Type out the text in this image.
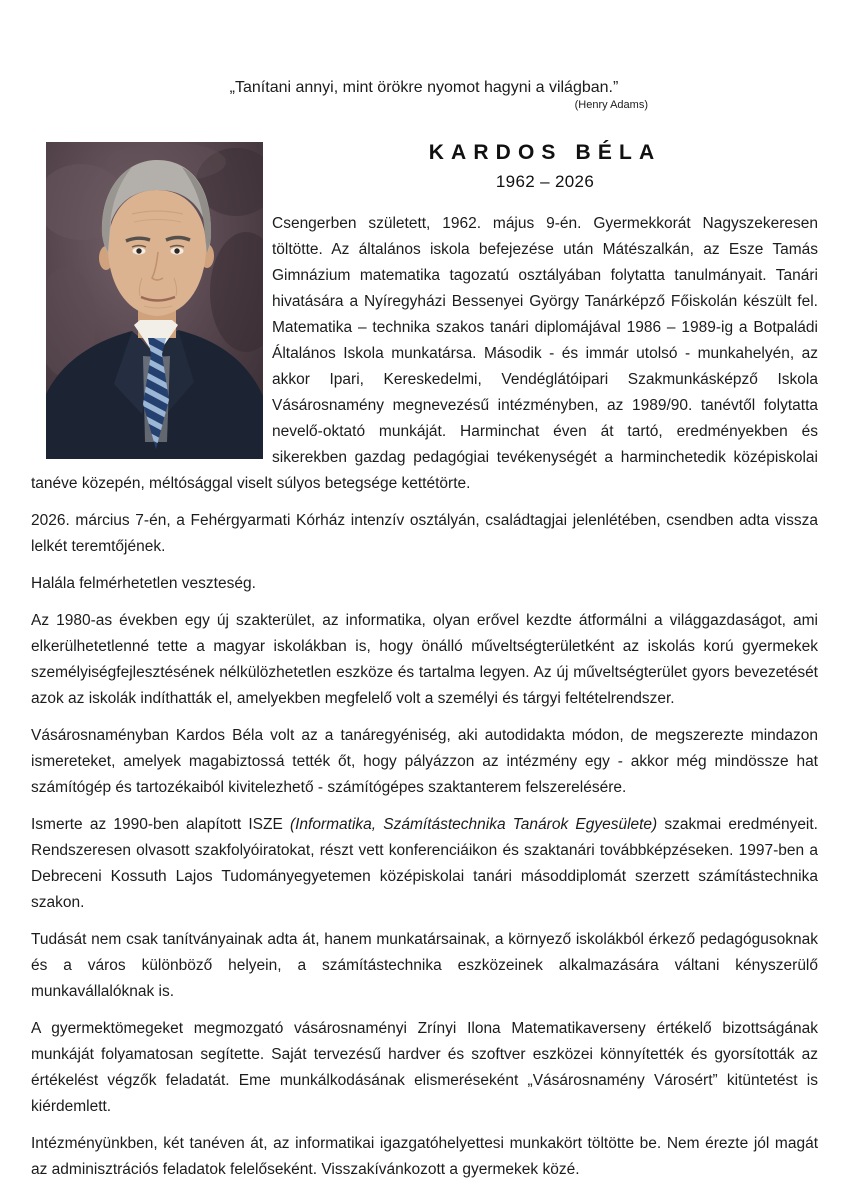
„Tanítani annyi, mint örökre nyomot hagyni a világban.”
(Henry Adams)
KARDOS BÉLA
1962 – 2026

Csengerben született, 1962. május 9-én. Gyermekkorát Nagyszekeresen töltötte. Az általános iskola befejezése után Mátészalkán, az Esze Tamás Gimnázium matematika tagozatú osztályában folytatta tanulmányait. Tanári hivatására a Nyíregyházi Bessenyei György Tanárképző Főiskolán készült fel. Matematika – technika szakos tanári diplomájával 1986 – 1989-ig a Botpaládi Általános Iskola munkatársa. Második - és immár utolsó - munkahelyén, az akkor Ipari, Kereskedelmi, Vendéglátóipari Szakmunkásképző Iskola Vásárosnamény megnevezésű intézményben, az 1989/90. tanévtől folytatta nevelő-oktató munkáját. Harminchat éven át tartó, eredményekben és sikerekben gazdag pedagógiai tevékenységét a harminchetedik középiskolai tanéve közepén, méltósággal viselt súlyos betegsége kettétörte.

2026. március 7-én, a Fehérgyarmati Kórház intenzív osztályán, családtagjai jelenlétében, csendben adta vissza lelkét teremtőjének.

Halála felmérhetetlen veszteség.

Az 1980-as években egy új szakterület, az informatika, olyan erővel kezdte átformálni a világgazdaságot, ami elkerülhetetlenné tette a magyar iskolákban is, hogy önálló műveltségterületként az iskolás korú gyermekek személyiségfejlesztésének nélkülözhetetlen eszköze és tartalma legyen. Az új műveltségterület gyors bevezetését azok az iskolák indíthatták el, amelyekben megfelelő volt a személyi és tárgyi feltételrendszer.

Vásárosnaményban Kardos Béla volt az a tanáregyéniség, aki autodidakta módon, de megszerezte mindazon ismereteket, amelyek magabiztossá tették őt, hogy pályázzon az intézmény egy - akkor még mindössze hat számítógép és tartozékaiból kivitelezhető - számítógépes szaktanterem felszerelésére.

Ismerte az 1990-ben alapított ISZE (Informatika, Számítástechnika Tanárok Egyesülete) szakmai eredményeit. Rendszeresen olvasott szakfolyóiratokat, részt vett konferenciáikon és szaktanári továbbképzéseken. 1997-ben a Debreceni Kossuth Lajos Tudományegyetemen középiskolai tanári másoddiplomát szerzett számítástechnika szakon.

Tudását nem csak tanítványainak adta át, hanem munkatársainak, a környező iskolákból érkező pedagógusoknak és a város különböző helyein, a számítástechnika eszközeinek alkalmazására váltani kényszerülő munkavállalóknak is.

A gyermektömegeket megmozgató vásárosnaményi Zrínyi Ilona Matematikaverseny értékelő bizottságának munkáját folyamatosan segítette. Saját tervezésű hardver és szoftver eszközei könnyítették és gyorsították az értékelést végzők feladatát. Eme munkálkodásának elismeréseként „Vásárosnamény Városért” kitüntetést is kiérdemlett.

Intézményünkben, két tanéven át, az informatikai igazgatóhelyettesi munkakört töltötte be. Nem érezte jól magát az adminisztrációs feladatok felelőseként. Visszakívánkozott a gyermekek közé.
